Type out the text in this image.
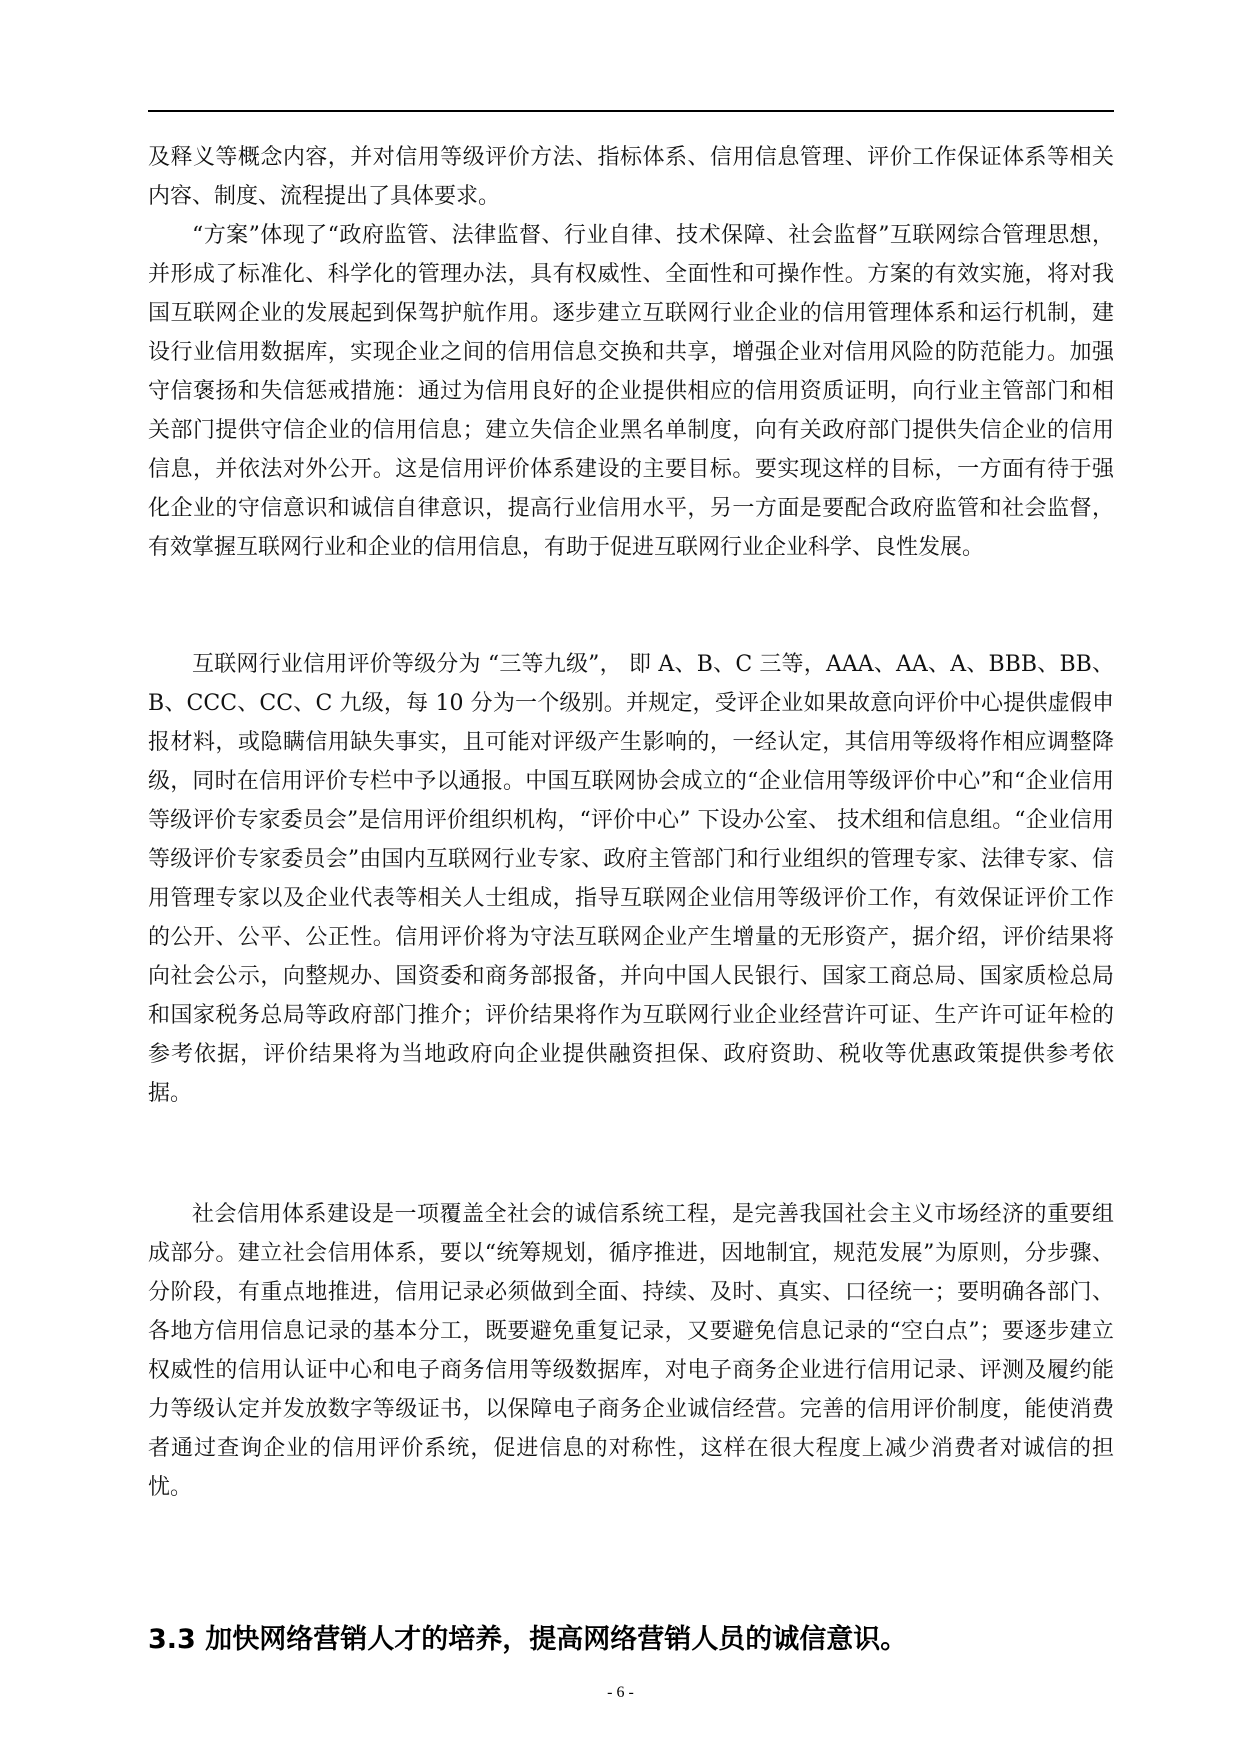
及释义等概念内容，并对信用等级评价方法、指标体系、信用信息管理、评价工作保证体系等相关内容、制度、流程提出了具体要求。

“方案”体现了“政府监管、法律监督、行业自律、技术保障、社会监督”互联网综合管理思想，并形成了标准化、科学化的管理办法，具有权威性、全面性和可操作性。方案的有效实施，将对我国互联网企业的发展起到保驾护航作用。逐步建立互联网行业企业的信用管理体系和运行机制，建设行业信用数据库，实现企业之间的信用信息交换和共享，增强企业对信用风险的防范能力。加强守信褒扬和失信惩戒措施：通过为信用良好的企业提供相应的信用资质证明，向行业主管部门和相关部门提供守信企业的信用信息；建立失信企业黑名单制度，向有关政府部门提供失信企业的信用信息，并依法对外公开。这是信用评价体系建设的主要目标。要实现这样的目标，一方面有待于强化企业的守信意识和诚信自律意识，提高行业信用水平，另一方面是要配合政府监管和社会监督，有效掌握互联网行业和企业的信用信息，有助于促进互联网行业企业科学、良性发展。

互联网行业信用评价等级分为 “三等九级”， 即 A、B、C 三等，AAA、AA、A、BBB、BB、B、CCC、CC、C 九级，每 10 分为一个级别。并规定，受评企业如果故意向评价中心提供虚假申报材料，或隐瞒信用缺失事实，且可能对评级产生影响的，一经认定，其信用等级将作相应调整降级，同时在信用评价专栏中予以通报。中国互联网协会成立的“企业信用等级评价中心”和“企业信用等级评价专家委员会”是信用评价组织机构，“评价中心” 下设办公室、 技术组和信息组。“企业信用等级评价专家委员会”由国内互联网行业专家、政府主管部门和行业组织的管理专家、法律专家、信用管理专家以及企业代表等相关人士组成，指导互联网企业信用等级评价工作，有效保证评价工作的公开、公平、公正性。信用评价将为守法互联网企业产生增量的无形资产，据介绍，评价结果将向社会公示，向整规办、国资委和商务部报备，并向中国人民银行、国家工商总局、国家质检总局和国家税务总局等政府部门推介；评价结果将作为互联网行业企业经营许可证、生产许可证年检的参考依据，评价结果将为当地政府向企业提供融资担保、政府资助、税收等优惠政策提供参考依据。

社会信用体系建设是一项覆盖全社会的诚信系统工程，是完善我国社会主义市场经济的重要组成部分。建立社会信用体系，要以“统筹规划，循序推进，因地制宜，规范发展”为原则，分步骤、分阶段，有重点地推进，信用记录必须做到全面、持续、及时、真实、口径统一；要明确各部门、各地方信用信息记录的基本分工，既要避免重复记录，又要避免信息记录的“空白点”；要逐步建立权威性的信用认证中心和电子商务信用等级数据库，对电子商务企业进行信用记录、评测及履约能力等级认定并发放数字等级证书，以保障电子商务企业诚信经营。完善的信用评价制度，能使消费者通过查询企业的信用评价系统，促进信息的对称性，这样在很大程度上减少消费者对诚信的担忧。

3.3 加快网络营销人才的培养，提高网络营销人员的诚信意识。
- 6 -
